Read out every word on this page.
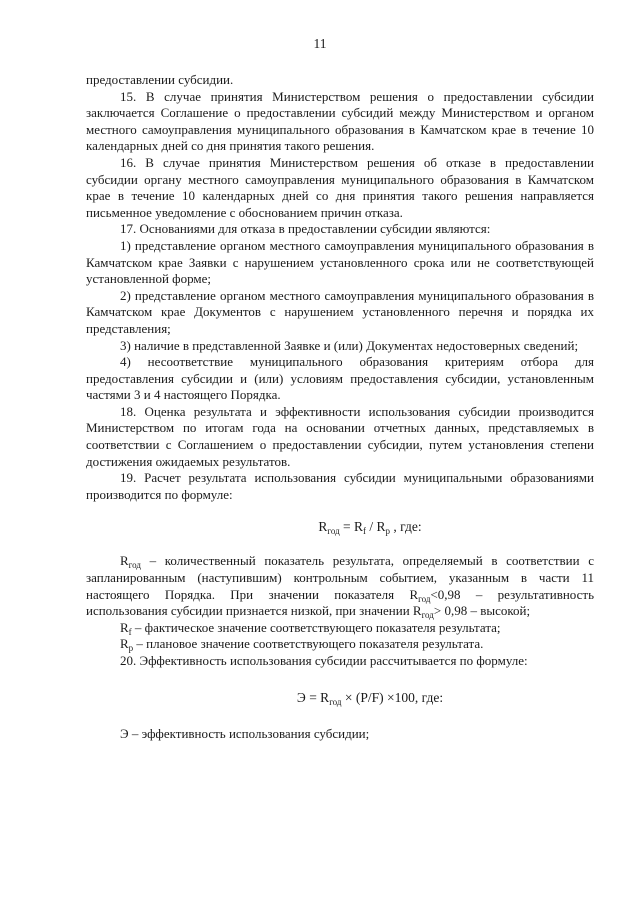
11

предоставлении субсидии.

15. В случае принятия Министерством решения о предоставлении субсидии заключается Соглашение о предоставлении субсидий между Министерством и органом местного самоуправления муниципального образования в Камчатском крае в течение 10 календарных дней со дня принятия такого решения.

16. В случае принятия Министерством решения об отказе в предоставлении субсидии органу местного самоуправления муниципального образования в Камчатском крае в течение 10 календарных дней со дня принятия такого решения направляется письменное уведомление с обоснованием причин отказа.

17. Основаниями для отказа в предоставлении субсидии являются:

1) представление органом местного самоуправления муниципального образования в Камчатском крае Заявки с нарушением установленного срока или не соответствующей установленной форме;

2) представление органом местного самоуправления муниципального образования в Камчатском крае Документов с нарушением установленного перечня и порядка их представления;

3) наличие в представленной Заявке и (или) Документах недостоверных сведений;

4) несоответствие муниципального образования критериям отбора для предоставления субсидии и (или) условиям предоставления субсидии, установленным частями 3 и 4 настоящего Порядка.

18. Оценка результата и эффективности использования субсидии производится Министерством по итогам года на основании отчетных данных, представляемых в соответствии с Соглашением о предоставлении субсидии, путем установления степени достижения ожидаемых результатов.

19. Расчет результата использования субсидии муниципальными образованиями производится по формуле:

$R_{год} = R_f / R_p$ , где:

$R_{год}$ – количественный показатель результата, определяемый в соответствии с запланированным (наступившим) контрольным событием, указанным в части 11 настоящего Порядка. При значении показателя $R_{год}<0,98$ – результативность использования субсидии признается низкой, при значении $R_{год}> 0,98$ – высокой;

$R_f$ – фактическое значение соответствующего показателя результата;

$R_p$ – плановое значение соответствующего показателя результата.

20. Эффективность использования субсидии рассчитывается по формуле:

$Э = R_{год} \times (P/F) \times 100$, где:

Э – эффективность использования субсидии;
